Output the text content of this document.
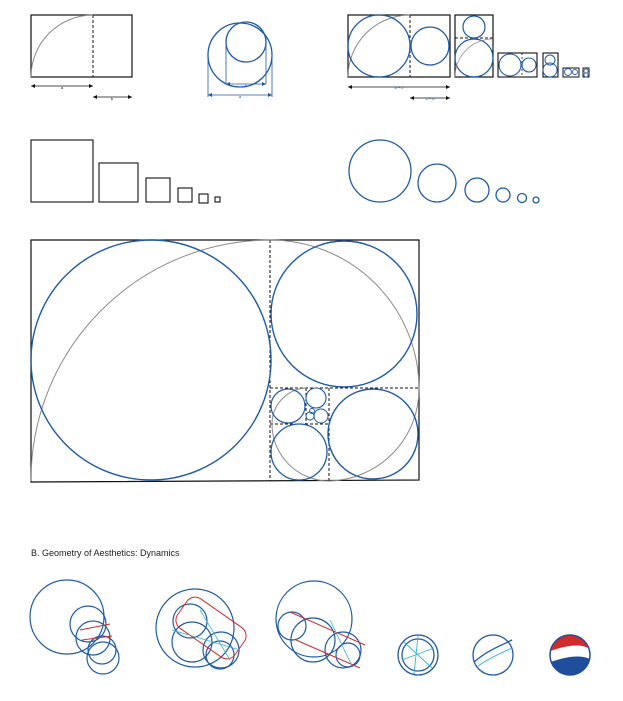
a
b
b
a
a + b
b + b
B. Geometry of Aesthetics: Dynamics
